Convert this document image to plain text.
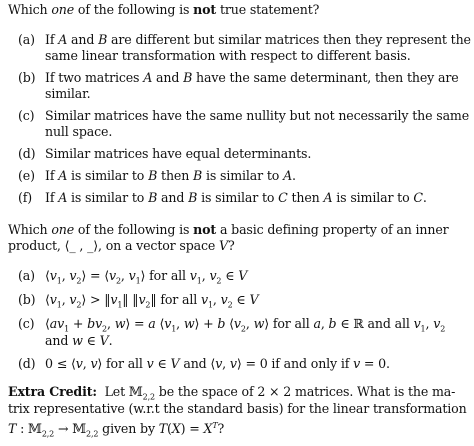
Which one of the following is not true statement?
(a) If A and B are different but similar matrices then they represent the
same linear transformation with respect to different basis.
(b) If two matrices A and B have the same determinant, then they are
similar.
(c) Similar matrices have the same nullity but not necessarily the same
null space.
(d) Similar matrices have equal determinants.
(e) If A is similar to B then B is similar to A.
(f) If A is similar to B and B is similar to C then A is similar to C.
Which one of the following is not a basic defining property of an inner
product, ⟨_ , _⟩, on a vector space V?
(a) $⟨v_1$, $v_2⟩$ = $⟨v_2$, $v_1⟩$ for all $v_1$, $v_2$ ∈ V
(b) $⟨v_1$, $v_2⟩$ > $‖v_1‖$ $‖v_2‖$ for all $v_1$, $v_2$ ∈ V
(c) $⟨av_1 + bv_2$, w⟩ = a $⟨v_1$, w⟩ + b $⟨v_2$, w⟩ for all a, b ∈ ℝ and all $v_1$, $v_2$
and w ∈ V.
(d) 0 ≤ ⟨v, v⟩ for all v ∈ V and ⟨v, v⟩ = 0 if and only if v = 0.
Extra Credit:  Let 𝕄$_{2,2}$ be the space of 2 × 2 matrices. What is the ma-
trix representative (w.r.t the standard basis) for the linear transformation
T : 𝕄$_{2,2}$ → 𝕄$_{2,2}$ given by $T(X) = X^T$?
